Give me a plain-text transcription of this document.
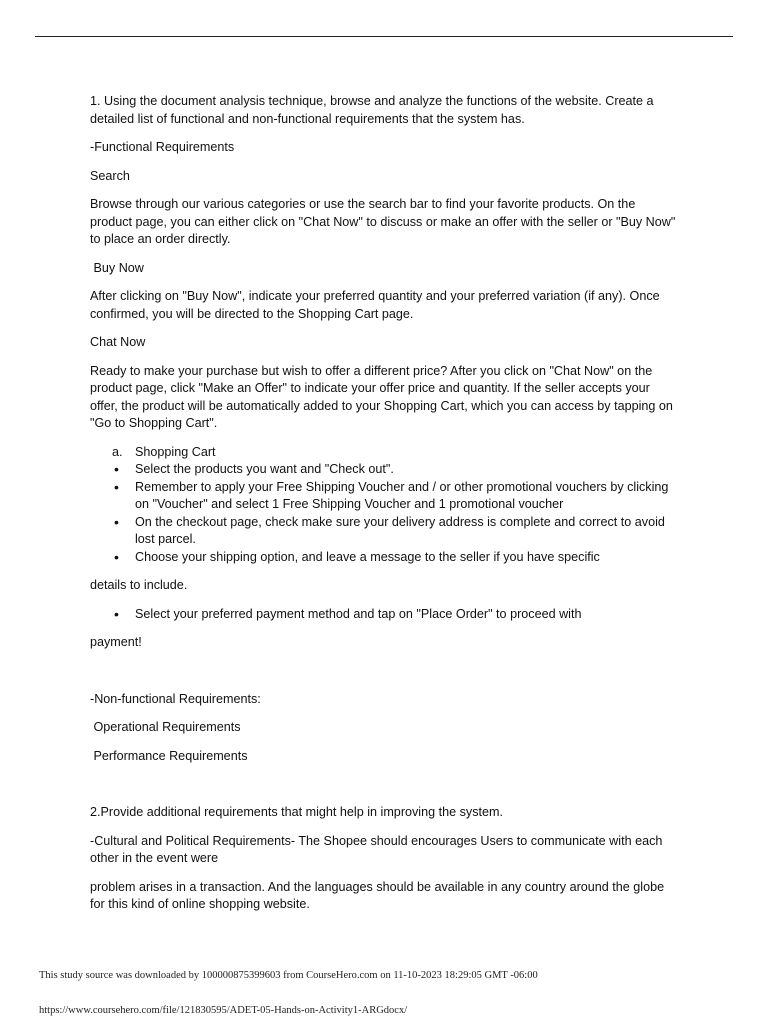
1. Using the document analysis technique, browse and analyze the functions of the website. Create a detailed list of functional and non-functional requirements that the system has.

-Functional Requirements

Search

Browse through our various categories or use the search bar to find your favorite products. On the product page, you can either click on "Chat Now" to discuss or make an offer with the seller or "Buy Now" to place an order directly.

Buy Now

After clicking on "Buy Now", indicate your preferred quantity and your preferred variation (if any). Once confirmed, you will be directed to the Shopping Cart page.

Chat Now

Ready to make your purchase but wish to offer a different price? After you click on "Chat Now" on the product page, click "Make an Offer" to indicate your offer price and quantity. If the seller accepts your offer, the product will be automatically added to your Shopping Cart, which you can access by tapping on "Go to Shopping Cart".

a. Shopping Cart
• Select the products you want and "Check out".
• Remember to apply your Free Shipping Voucher and / or other promotional vouchers by clicking on "Voucher" and select 1 Free Shipping Voucher and 1 promotional voucher
• On the checkout page, check make sure your delivery address is complete and correct to avoid lost parcel.
• Choose your shipping option, and leave a message to the seller if you have specific

details to include.

• Select your preferred payment method and tap on "Place Order" to proceed with

payment!

-Non-functional Requirements:

Operational Requirements

Performance Requirements

2.Provide additional requirements that might help in improving the system.

-Cultural and Political Requirements- The Shopee should encourages Users to communicate with each other in the event were

problem arises in a transaction. And the languages should be available in any country around the globe for this kind of online shopping website.

This study source was downloaded by 100000875399603 from CourseHero.com on 11-10-2023 18:29:05 GMT -06:00
https://www.coursehero.com/file/121830595/ADET-05-Hands-on-Activity1-ARGdocx/
